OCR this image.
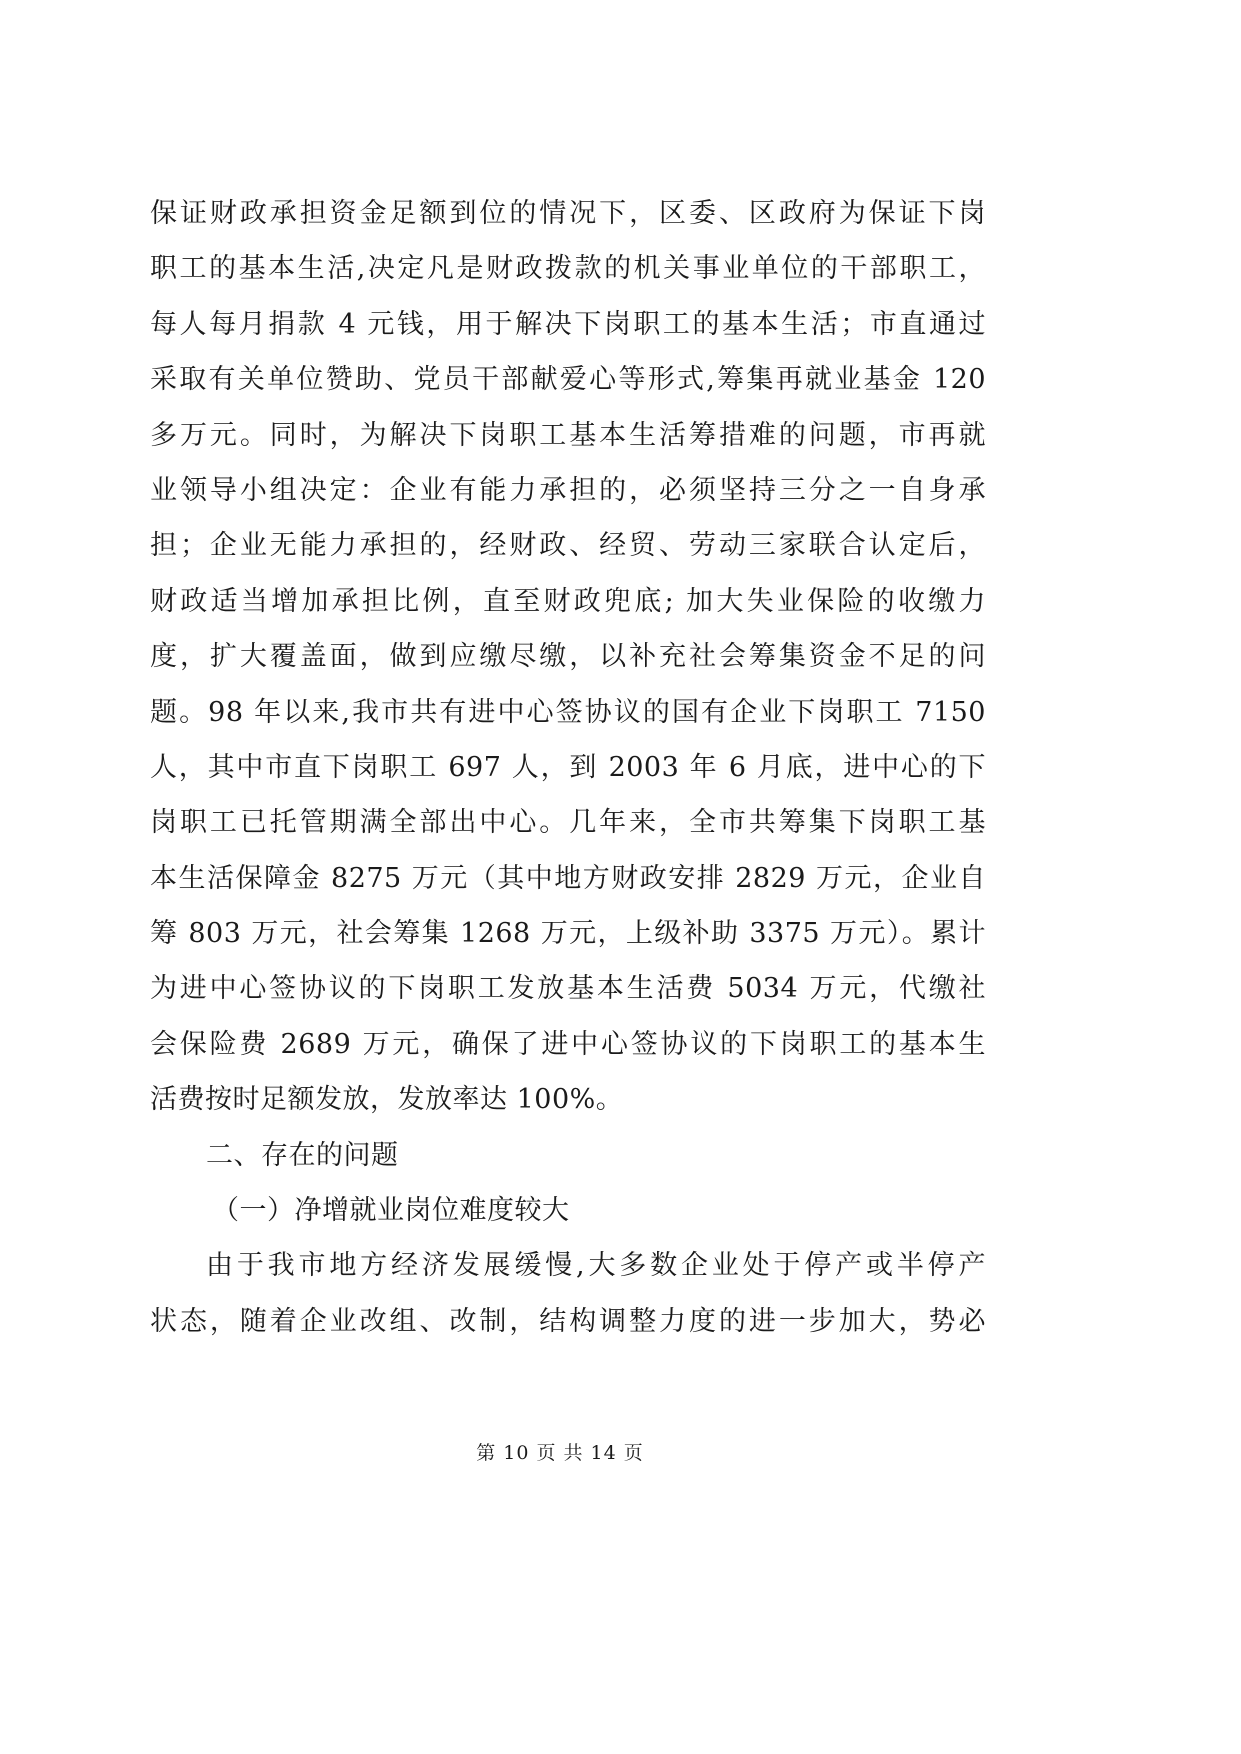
保证财政承担资金足额到位的情况下，区委、区政府为保证下岗
职工的基本生活,决定凡是财政拨款的机关事业单位的干部职工，
每人每月捐款 4 元钱，用于解决下岗职工的基本生活；市直通过
采取有关单位赞助、党员干部献爱心等形式,筹集再就业基金 120
多万元。同时，为解决下岗职工基本生活筹措难的问题，市再就
业领导小组决定：企业有能力承担的，必须坚持三分之一自身承
担；企业无能力承担的，经财政、经贸、劳动三家联合认定后，
财政适当增加承担比例，直至财政兜底; 加大失业保险的收缴力
度，扩大覆盖面，做到应缴尽缴，以补充社会筹集资金不足的问
题。98 年以来,我市共有进中心签协议的国有企业下岗职工 7150
人，其中市直下岗职工 697 人，到 2003 年 6 月底，进中心的下
岗职工已托管期满全部出中心。几年来，全市共筹集下岗职工基
本生活保障金 8275 万元（其中地方财政安排 2829 万元，企业自
筹 803 万元，社会筹集 1268 万元，上级补助 3375 万元）。累计
为进中心签协议的下岗职工发放基本生活费 5034 万元，代缴社
会保险费 2689 万元，确保了进中心签协议的下岗职工的基本生
活费按时足额发放，发放率达 100%。
二、存在的问题
（一）净增就业岗位难度较大
由于我市地方经济发展缓慢,大多数企业处于停产或半停产
状态，随着企业改组、改制，结构调整力度的进一步加大，势必
第 10 页 共 14 页
